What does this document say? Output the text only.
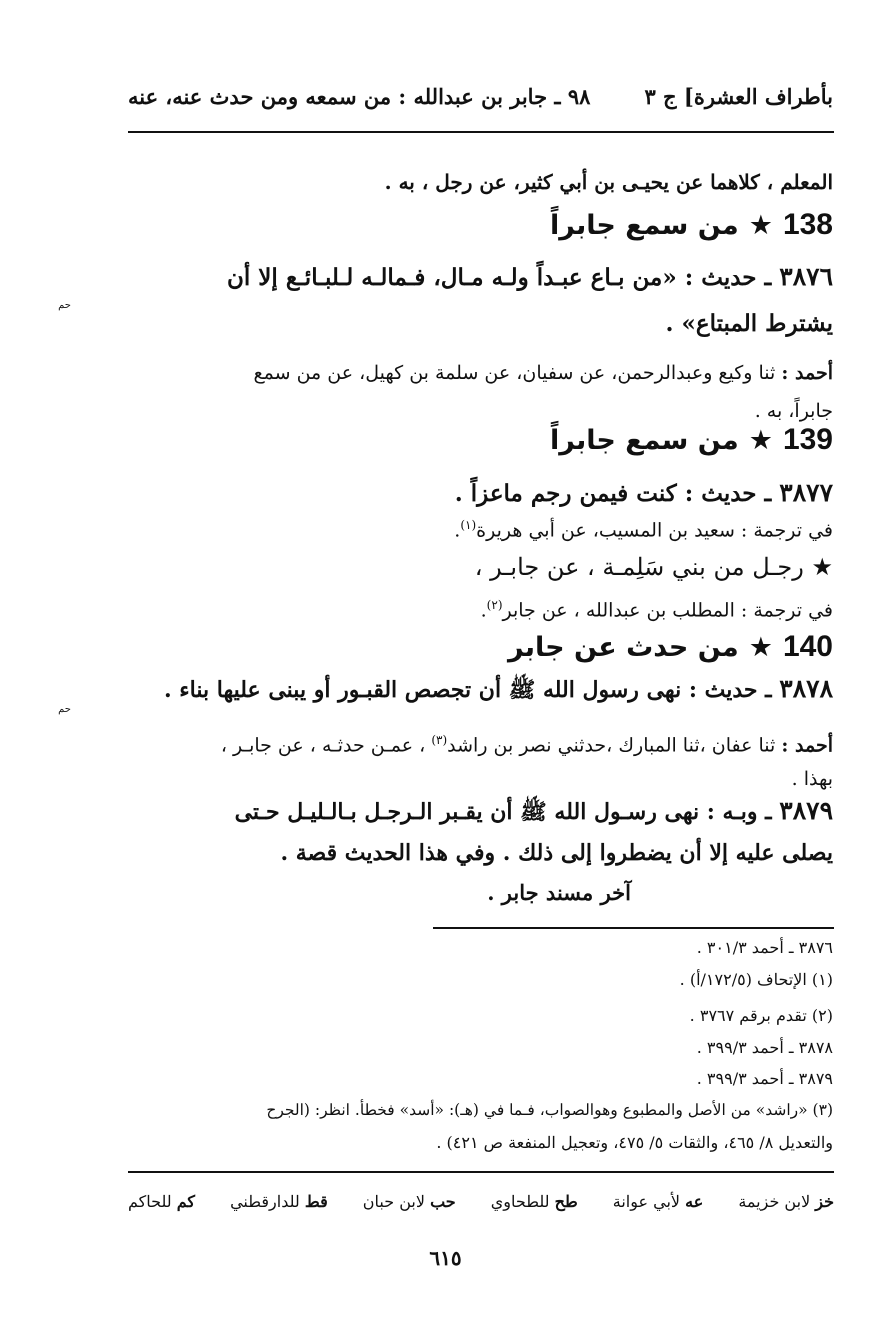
بأطراف العشرة] ج ٣
٩٨ ـ جابر بن عبدالله : من سمعه ومن حدث عنه، عنه
المعلم ، كلاهما عن يحيـى بن أبي كثير، عن رجل ، به .
138★من سمع جابراً
٣٨٧٦ ـ حديث : «من بـاع عبـداً ولـه مـال، فـمالـه لـلبـائـع إلا أن
حم
يشترط المبتاع» .
أحمد : ثنا وكيع وعبدالرحمن، عن سفيان، عن سلمة بن كهيل، عن من سمع
جابراً، به .
139★من سمع جابراً
٣٨٧٧ ـ حديث : كنت فيمن رجم ماعزاً .
في ترجمة : سعيد بن المسيب، عن أبي هريرة$^{(١)}$.
★ رجـل من بني سَلِمـة ، عن جابـر ،
في ترجمة : المطلب بن عبدالله ، عن جابر$^{(٢)}$.
140★من حدث عن جابر
٣٨٧٨ ـ حديث : نهى رسول الله ﷺ أن تجصص القبـور أو يبنى عليها بناء .
حم
أحمد : ثنا عفان ،ثنا المبارك ،حدثني نصر بن راشد$^{(٣)}$ ، عمـن حدثـه ، عن جابـر ،
بهذا .
٣٨٧٩ ـ وبـه : نهى رسـول الله ﷺ أن يقـبر الـرجـل بـالـليـل حـتى
يصلى عليه إلا أن يضطروا إلى ذلك . وفي هذا الحديث قصة .
آخر مسند جابر .
٣٨٧٦ ـ أحمد ٣٠١/٣ .
(١) الإتحاف (١٧٢/٥/أ) .
(٢) تقدم برقم ٣٧٦٧ .
٣٨٧٨ ـ أحمد ٣٩٩/٣ .
٣٨٧٩ ـ أحمد ٣٩٩/٣ .
(٣) «راشد» من الأصل والمطبوع وهوالصواب، فـما في (هـ): «أسد» فخطأ. انظر: (الجرح
والتعديل ٨/ ٤٦٥، والثقات ٥/ ٤٧٥، وتعجيل المنفعة ص ٤٢١) .
خز لابن خزيمة
عه لأبي عوانة
طح للطحاوي
حب لابن حبان
قط للدارقطني
كم للحاكم
٦١٥
